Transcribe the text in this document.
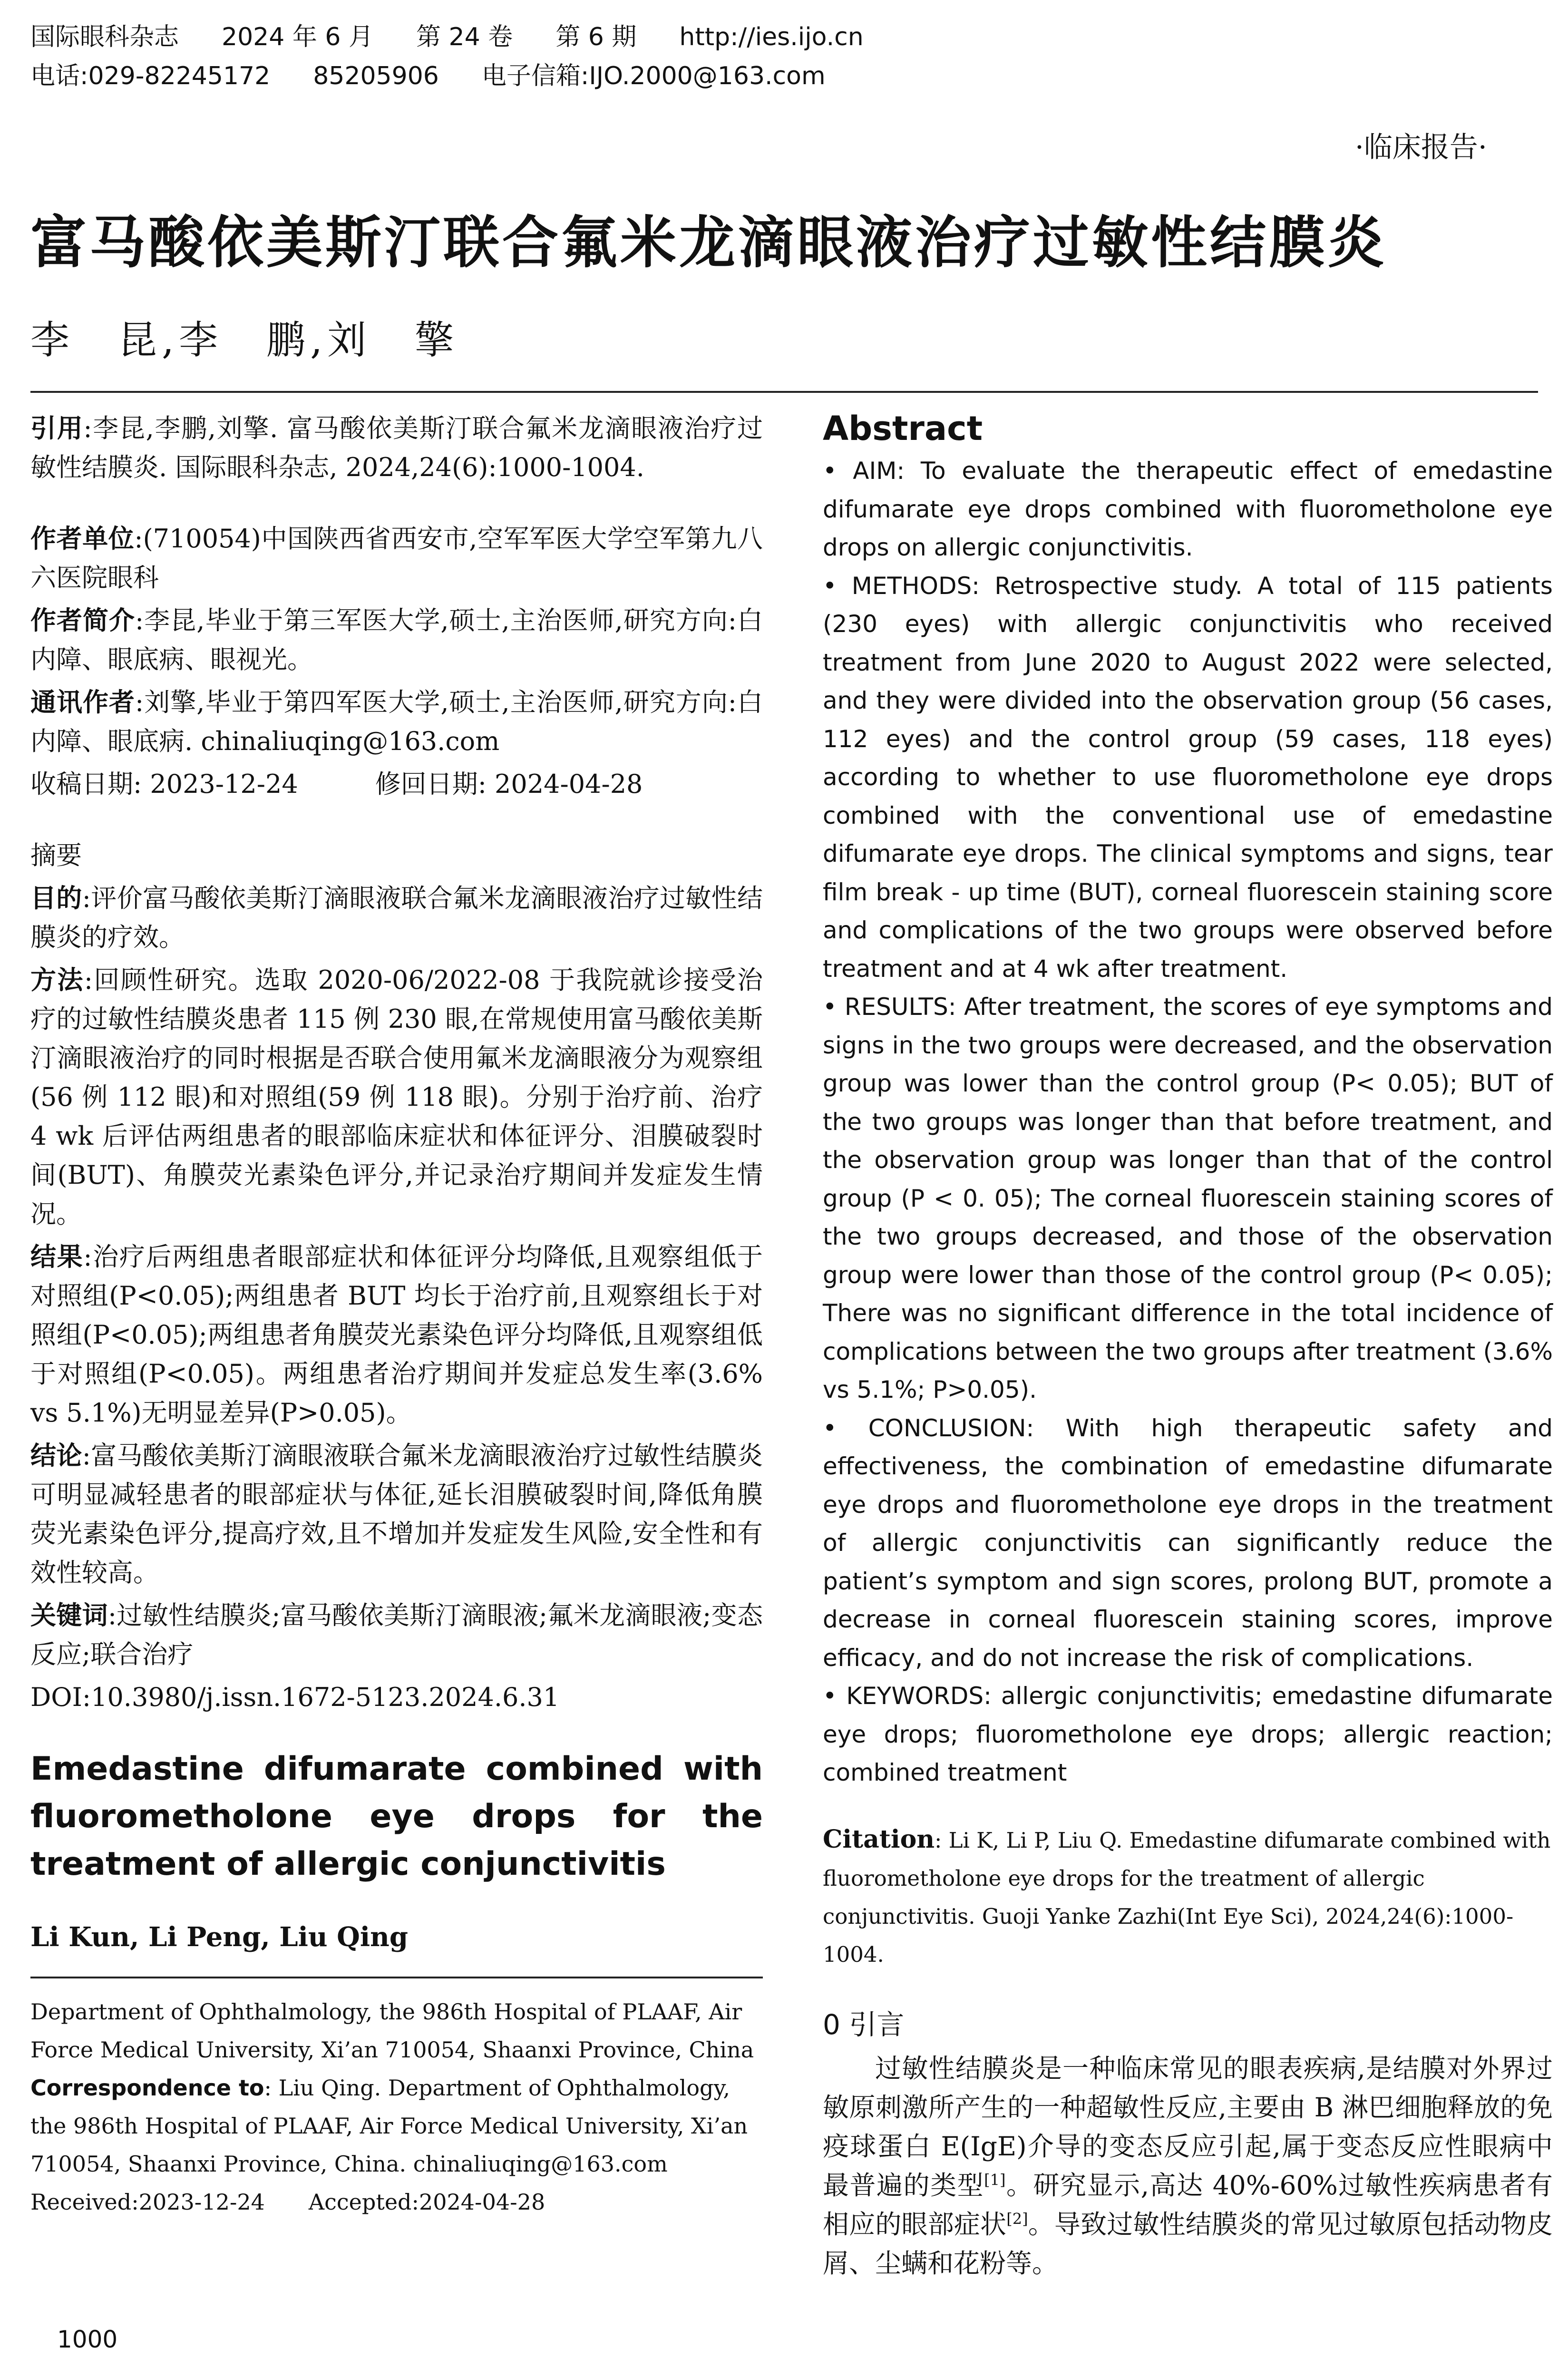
国际眼科杂志 2024 年 6 月 第 24 卷 第 6 期 http://ies.ijo.cn
电话:029-82245172 85205906 电子信箱:IJO.2000@163.com
·临床报告·
富马酸依美斯汀联合氟米龙滴眼液治疗过敏性结膜炎
李　昆,李　鹏,刘　擎
引用:李昆,李鹏,刘擎. 富马酸依美斯汀联合氟米龙滴眼液治疗过敏性结膜炎. 国际眼科杂志, 2024,24(6):1000-1004.
作者单位:(710054)中国陕西省西安市,空军军医大学空军第九八六医院眼科
作者简介:李昆,毕业于第三军医大学,硕士,主治医师,研究方向:白内障、眼底病、眼视光。
通讯作者:刘擎,毕业于第四军医大学,硕士,主治医师,研究方向:白内障、眼底病. chinaliuqing@163.com
收稿日期: 2023-12-24　　　修回日期: 2024-04-28
摘要
目的:评价富马酸依美斯汀滴眼液联合氟米龙滴眼液治疗过敏性结膜炎的疗效。
方法:回顾性研究。选取 2020-06/2022-08 于我院就诊接受治疗的过敏性结膜炎患者 115 例 230 眼,在常规使用富马酸依美斯汀滴眼液治疗的同时根据是否联合使用氟米龙滴眼液分为观察组(56 例 112 眼)和对照组(59 例 118 眼)。分别于治疗前、治疗 4 wk 后评估两组患者的眼部临床症状和体征评分、泪膜破裂时间(BUT)、角膜荧光素染色评分,并记录治疗期间并发症发生情况。
结果:治疗后两组患者眼部症状和体征评分均降低,且观察组低于对照组(P<0.05);两组患者 BUT 均长于治疗前,且观察组长于对照组(P<0.05);两组患者角膜荧光素染色评分均降低,且观察组低于对照组(P<0.05)。两组患者治疗期间并发症总发生率(3.6% vs 5.1%)无明显差异(P>0.05)。
结论:富马酸依美斯汀滴眼液联合氟米龙滴眼液治疗过敏性结膜炎可明显减轻患者的眼部症状与体征,延长泪膜破裂时间,降低角膜荧光素染色评分,提高疗效,且不增加并发症发生风险,安全性和有效性较高。
关键词:过敏性结膜炎;富马酸依美斯汀滴眼液;氟米龙滴眼液;变态反应;联合治疗
DOI:10.3980/j.issn.1672-5123.2024.6.31
Emedastine difumarate combined with fluorometholone eye drops for the treatment of allergic conjunctivitis
Li Kun, Li Peng, Liu Qing
Department of Ophthalmology, the 986th Hospital of PLAAF, Air Force Medical University, Xi’an 710054, Shaanxi Province, China
Correspondence to: Liu Qing. Department of Ophthalmology, the 986th Hospital of PLAAF, Air Force Medical University, Xi’an 710054, Shaanxi Province, China. chinaliuqing@163.com
Received:2023-12-24　　Accepted:2024-04-28
Abstract

• AIM: To evaluate the therapeutic effect of emedastine difumarate eye drops combined with fluorometholone eye drops on allergic conjunctivitis.

• METHODS: Retrospective study. A total of 115 patients (230 eyes) with allergic conjunctivitis who received treatment from June 2020 to August 2022 were selected, and they were divided into the observation group (56 cases, 112 eyes) and the control group (59 cases, 118 eyes) according to whether to use fluorometholone eye drops combined with the conventional use of emedastine difumarate eye drops. The clinical symptoms and signs, tear film break - up time (BUT), corneal fluorescein staining score and complications of the two groups were observed before treatment and at 4 wk after treatment.

• RESULTS: After treatment, the scores of eye symptoms and signs in the two groups were decreased, and the observation group was lower than the control group (P< 0.05); BUT of the two groups was longer than that before treatment, and the observation group was longer than that of the control group (P < 0. 05); The corneal fluorescein staining scores of the two groups decreased, and those of the observation group were lower than those of the control group (P< 0.05); There was no significant difference in the total incidence of complications between the two groups after treatment (3.6% vs 5.1%; P>0.05).

• CONCLUSION: With high therapeutic safety and effectiveness, the combination of emedastine difumarate eye drops and fluorometholone eye drops in the treatment of allergic conjunctivitis can significantly reduce the patient’s symptom and sign scores, prolong BUT, promote a decrease in corneal fluorescein staining scores, improve efficacy, and do not increase the risk of complications.

• KEYWORDS: allergic conjunctivitis; emedastine difumarate eye drops; fluorometholone eye drops; allergic reaction; combined treatment

Citation: Li K, Li P, Liu Q. Emedastine difumarate combined with fluorometholone eye drops for the treatment of allergic conjunctivitis. Guoji Yanke Zazhi(Int Eye Sci), 2024,24(6):1000-1004.
0 引言
过敏性结膜炎是一种临床常见的眼表疾病,是结膜对外界过敏原刺激所产生的一种超敏性反应,主要由 B 淋巴细胞释放的免疫球蛋白 E(IgE)介导的变态反应引起,属于变态反应性眼病中最普遍的类型[1]。研究显示,高达 40%-60%过敏性疾病患者有相应的眼部症状[2]。导致过敏性结膜炎的常见过敏原包括动物皮屑、尘螨和花粉等。
1000
